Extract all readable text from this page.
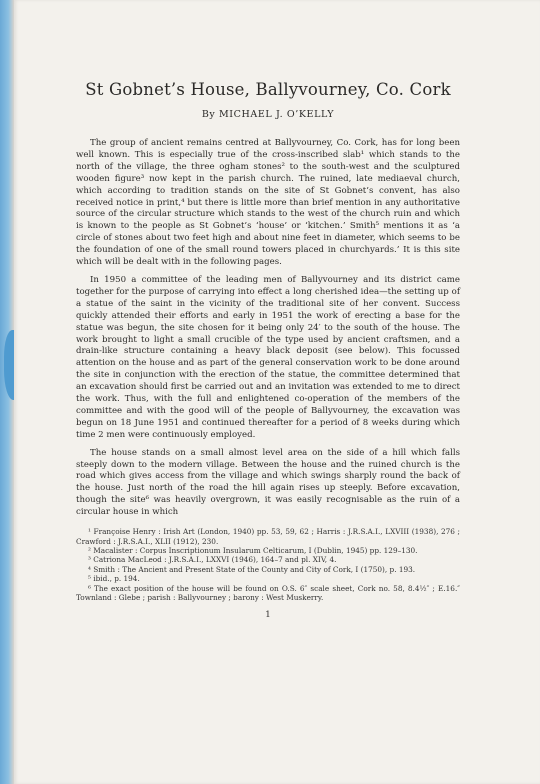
St Gobnet’s House, Ballyvourney, Co. Cork
By MICHAEL J. O’KELLY

The group of ancient remains centred at Ballyvourney, Co. Cork, has for long been well known. This is especially true of the cross-inscribed slab¹ which stands to the north of the village, the three ogham stones² to the south-west and the sculptured wooden figure³ now kept in the parish church. The ruined, late mediaeval church, which according to tradition stands on the site of St Gobnet’s convent, has also received notice in print,⁴ but there is little more than brief mention in any authoritative source of the circular structure which stands to the west of the church ruin and which is known to the people as St Gobnet’s ‘house’ or ‘kitchen.’ Smith⁵ mentions it as ‘a circle of stones about two feet high and about nine feet in diameter, which seems to be the foundation of one of the small round towers placed in churchyards.’ It is this site which will be dealt with in the following pages.

In 1950 a committee of the leading men of Ballyvourney and its district came together for the purpose of carrying into effect a long cherished idea—the setting up of a statue of the saint in the vicinity of the traditional site of her convent. Success quickly attended their efforts and early in 1951 the work of erecting a base for the statue was begun, the site chosen for it being only 24′ to the south of the house. The work brought to light a small crucible of the type used by ancient craftsmen, and a drain-like structure containing a heavy black deposit (see below). This focussed attention on the house and as part of the general conservation work to be done around the site in conjunction with the erection of the statue, the committee determined that an excavation should first be carried out and an invitation was extended to me to direct the work. Thus, with the full and enlightened co-operation of the members of the committee and with the good will of the people of Ballyvourney, the excavation was begun on 18 June 1951 and continued thereafter for a period of 8 weeks during which time 2 men were continuously employed.

The house stands on a small almost level area on the side of a hill which falls steeply down to the modern village. Between the house and the ruined church is the road which gives access from the village and which swings sharply round the back of the house. Just north of the road the hill again rises up steeply. Before excavation, though the site⁶ was heavily overgrown, it was easily recognisable as the ruin of a circular house in which

¹ Françoise Henry : Irish Art (London, 1940) pp. 53, 59, 62 ; Harris : J.R.S.A.I., LXVIII (1938), 276 ; Crawford : J.R.S.A.I., XLII (1912), 230.
² Macalister : Corpus Inscriptionum Insularum Celticarum, I (Dublin, 1945) pp. 129–130.
³ Catriona MacLeod : J.R.S.A.I., LXXVI (1946), 164–7 and pl. XIV, 4.
⁴ Smith : The Ancient and Present State of the County and City of Cork, I (1750), p. 193.
⁵ ibid., p. 194.
⁶ The exact position of the house will be found on O.S. 6″ scale sheet, Cork no. 58, 8.4½″ ; E.16.″ Townland : Glebe ; parish : Ballyvourney ; barony : West Muskerry.
1
